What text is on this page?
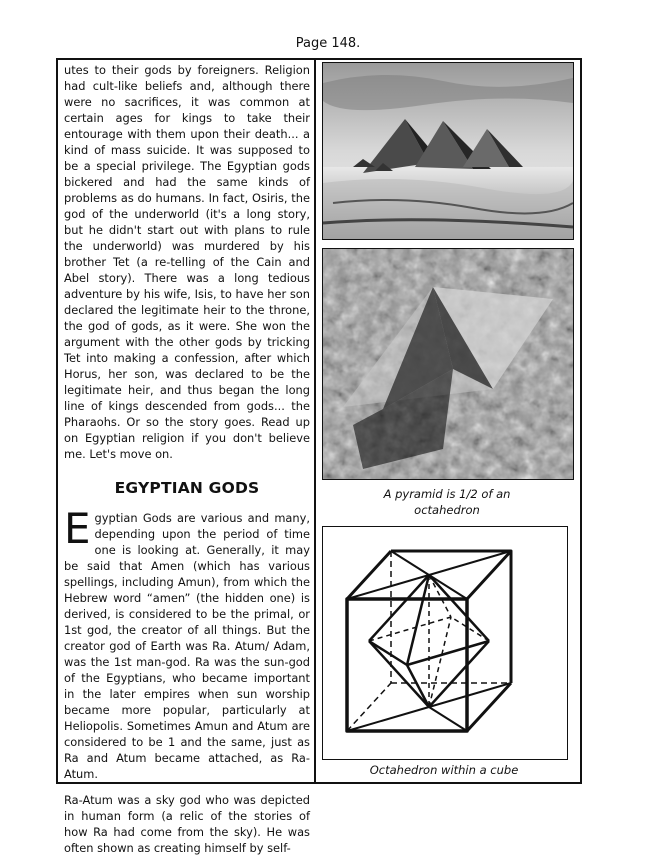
Page 148.

utes to their gods by foreigners. Religion had cult-like beliefs and, although there were no sacrifices, it was common at certain ages for kings to take their entourage with them upon their death... a kind of mass suicide. It was supposed to be a special privilege. The Egyptian gods bickered and had the same kinds of problems as do humans. In fact, Osiris, the god of the underworld (it's a long story, but he didn't start out with plans to rule the underworld) was murdered by his brother Tet (a re-telling of the Cain and Abel story). There was a long tedious adventure by his wife, Isis, to have her son declared the legitimate heir to the throne, the god of gods, as it were. She won the argument with the other gods by tricking Tet into making a confession, after which Horus, her son, was declared to be the legitimate heir, and thus began the long line of kings descended from gods... the Pharaohs. Or so the story goes. Read up on Egyptian religion if you don't believe me. Let's move on.

EGYPTIAN GODS

Egyptian Gods are various and many, depending upon the period of time one is looking at. Generally, it may be said that Amen (which has various spellings, including Amun), from which the Hebrew word “amen” (the hidden one) is derived, is considered to be the primal, or 1st god, the creator of all things. But the creator god of Earth was Ra. Atum/ Adam, was the 1st man-god. Ra was the sun-god of the Egyptians, who became important in the later empires when sun worship became more popular, particularly at Heliopolis. Sometimes Amun and Atum are considered to be 1 and the same, just as Ra and Atum became attached, as Ra-Atum.

Ra-Atum was a sky god who was depicted in human form (a relic of the stories of how Ra had come from the sky). He was often shown as creating himself by self-

A pyramid is 1/2 of an octahedron
Octahedron within a cube
